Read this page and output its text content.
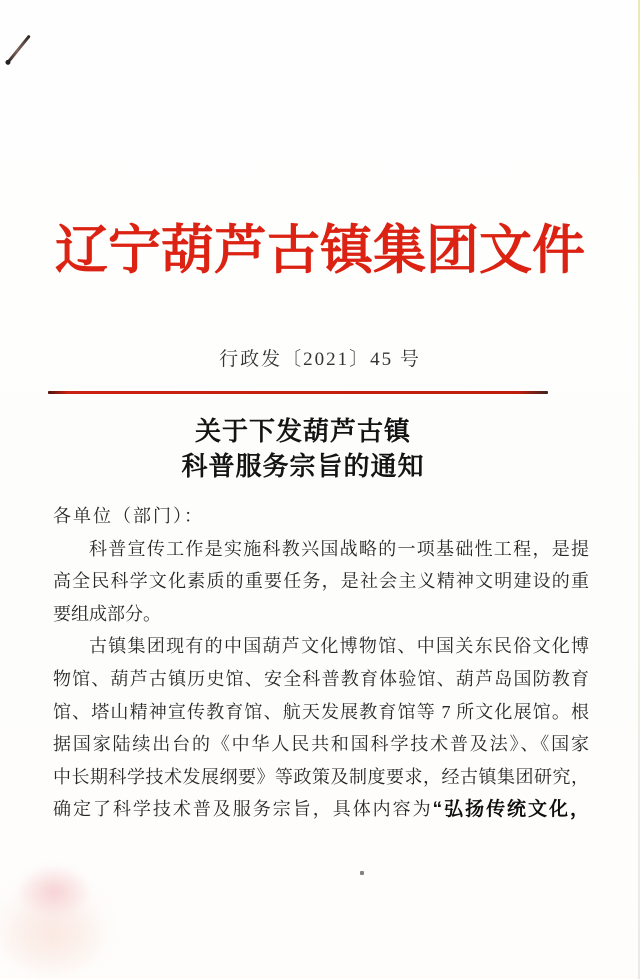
辽宁葫芦古镇集团文件
行政发〔2021〕45 号
关于下发葫芦古镇
科普服务宗旨的通知
各单位（部门）：
科普宣传工作是实施科教兴国战略的一项基础性工程，是提
高全民科学文化素质的重要任务，是社会主义精神文明建设的重
要组成部分。
古镇集团现有的中国葫芦文化博物馆、中国关东民俗文化博
物馆、葫芦古镇历史馆、安全科普教育体验馆、葫芦岛国防教育
馆、塔山精神宣传教育馆、航天发展教育馆等 7 所文化展馆。根
据国家陆续出台的《中华人民共和国科学技术普及法》、《国家
中长期科学技术发展纲要》等政策及制度要求，经古镇集团研究，
确定了科学技术普及服务宗旨，具体内容为“弘扬传统文化，
